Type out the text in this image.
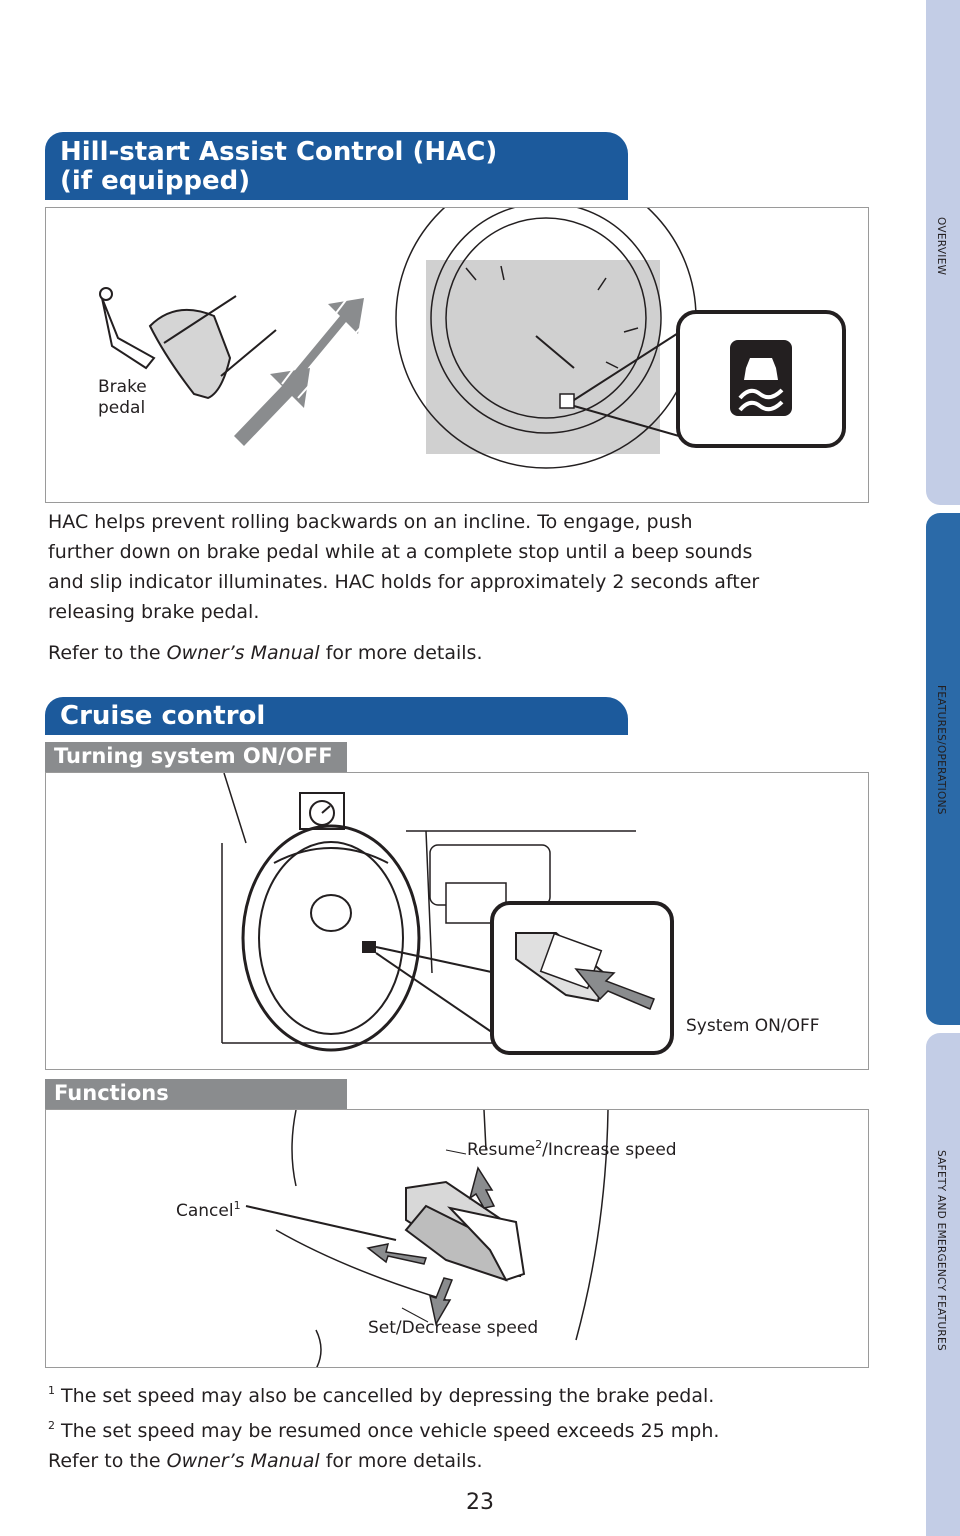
OVERVIEW
FEATURES/OPERATIONS
SAFETY AND EMERGENCY FEATURES
Hill-start Assist Control (HAC)
(if equipped)
Brake
pedal
HAC helps prevent rolling backwards on an incline. To engage, push
further down on brake pedal while at a complete stop until a beep sounds
and slip indicator illuminates. HAC holds for approximately 2 seconds after
releasing brake pedal.
Refer to the Owner’s Manual for more details.
Cruise control
Turning system ON/OFF
System ON/OFF
Functions
Resume$^2$/Increase speed
Cancel$^1$
Set/Decrease speed
$^1$ The set speed may also be cancelled by depressing the brake pedal.
$^2$ The set speed may be resumed once vehicle speed exceeds 25 mph.
Refer to the Owner’s Manual for more details.
23
